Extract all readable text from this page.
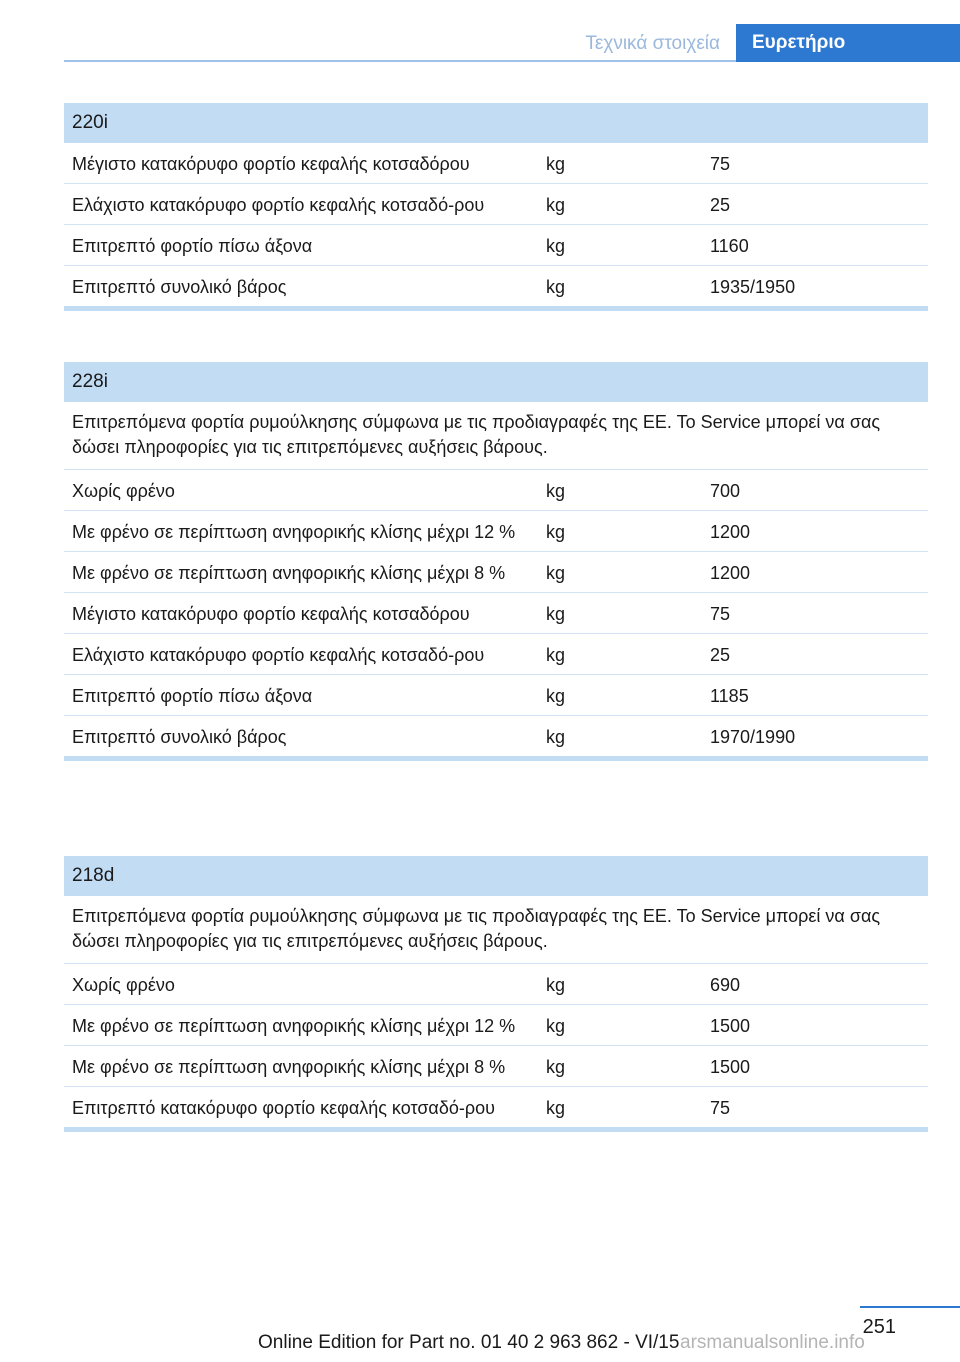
Τεχνικά στοιχεία	Ευρετήριο
220i
Μέγιστο κατακόρυφο φορτίο κεφαλής κοτσαδόρου	kg	75
Ελάχιστο κατακόρυφο φορτίο κεφαλής κοτσαδό-ρου	kg	25
Επιτρεπτό φορτίο πίσω άξονα	kg	1160
Επιτρεπτό συνολικό βάρος	kg	1935/1950
228i
Επιτρεπόμενα φορτία ρυμούλκησης σύμφωνα με τις προδιαγραφές της ΕΕ. Το Service μπορεί να σας δώσει πληροφορίες για τις επιτρεπόμενες αυξήσεις βάρους.
Χωρίς φρένο	kg	700
Με φρένο σε περίπτωση ανηφορικής κλίσης μέχρι 12 %	kg	1200
Με φρένο σε περίπτωση ανηφορικής κλίσης μέχρι 8 %	kg	1200
Μέγιστο κατακόρυφο φορτίο κεφαλής κοτσαδόρου	kg	75
Ελάχιστο κατακόρυφο φορτίο κεφαλής κοτσαδό-ρου	kg	25
Επιτρεπτό φορτίο πίσω άξονα	kg	1185
Επιτρεπτό συνολικό βάρος	kg	1970/1990
218d
Επιτρεπόμενα φορτία ρυμούλκησης σύμφωνα με τις προδιαγραφές της ΕΕ. Το Service μπορεί να σας δώσει πληροφορίες για τις επιτρεπόμενες αυξήσεις βάρους.
Χωρίς φρένο	kg	690
Με φρένο σε περίπτωση ανηφορικής κλίσης μέχρι 12 %	kg	1500
Με φρένο σε περίπτωση ανηφορικής κλίσης μέχρι 8 %	kg	1500
Επιτρεπτό κατακόρυφο φορτίο κεφαλής κοτσαδό-ρου	kg	75
251
Online Edition for Part no. 01 40 2 963 862 - VI/15 arsmanualsonline.info
